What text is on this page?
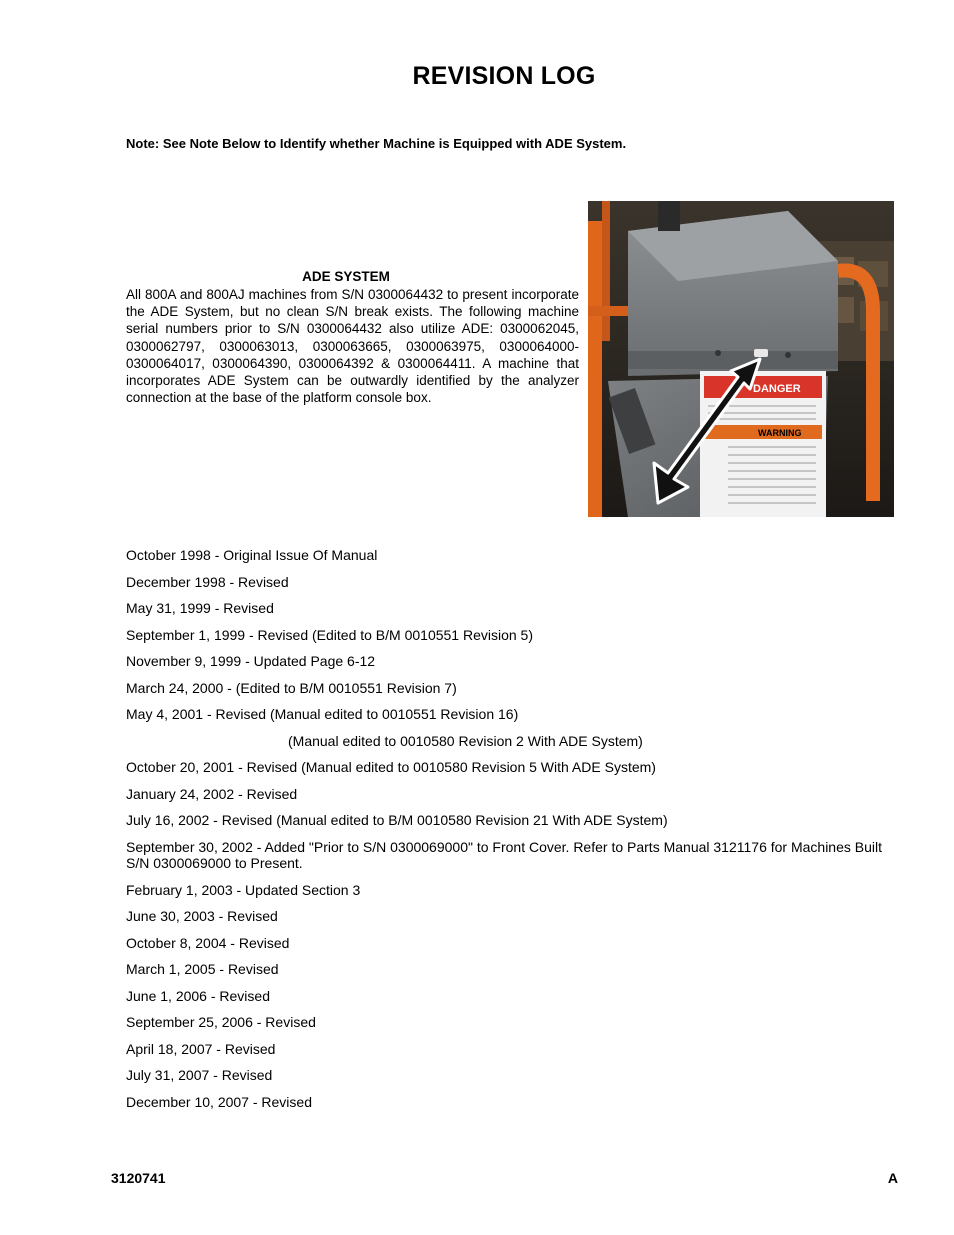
REVISION LOG
Note: See Note Below to Identify whether Machine is Equipped with ADE System.
ADE SYSTEM
All 800A and 800AJ machines from S/N 0300064432 to present incorporate the ADE System, but no clean S/N break exists. The following machine serial numbers prior to S/N 0300064432 also utilize ADE: 0300062045, 0300062797, 0300063013, 0300063665, 0300063975, 0300064000-0300064017, 0300064390, 0300064392 & 0300064411. A machine that incorporates ADE System can be outwardly identified by the analyzer connection at the base of the platform console box.
DANGER
WARNING
October 1998 - Original Issue Of Manual
December 1998 - Revised
May 31, 1999 - Revised
September 1, 1999 - Revised (Edited to B/M 0010551 Revision 5)
November 9, 1999 - Updated Page 6-12
March 24, 2000 - (Edited to B/M 0010551 Revision 7)
May 4, 2001 - Revised (Manual edited to 0010551 Revision 16)
(Manual edited to 0010580 Revision 2 With ADE System)
October 20, 2001 - Revised (Manual edited to 0010580 Revision 5 With ADE System)
January 24, 2002 - Revised
July 16, 2002 - Revised (Manual edited to B/M 0010580 Revision 21 With ADE System)
September 30, 2002 - Added "Prior to S/N 0300069000" to Front Cover. Refer to Parts Manual 3121176 for Machines Built S/N 0300069000 to Present.
February 1, 2003 - Updated Section 3
June 30, 2003 - Revised
October 8, 2004 - Revised
March 1, 2005 - Revised
June 1, 2006 - Revised
September 25, 2006 - Revised
April 18, 2007 - Revised
July 31, 2007 - Revised
December 10, 2007 - Revised
3120741	A
